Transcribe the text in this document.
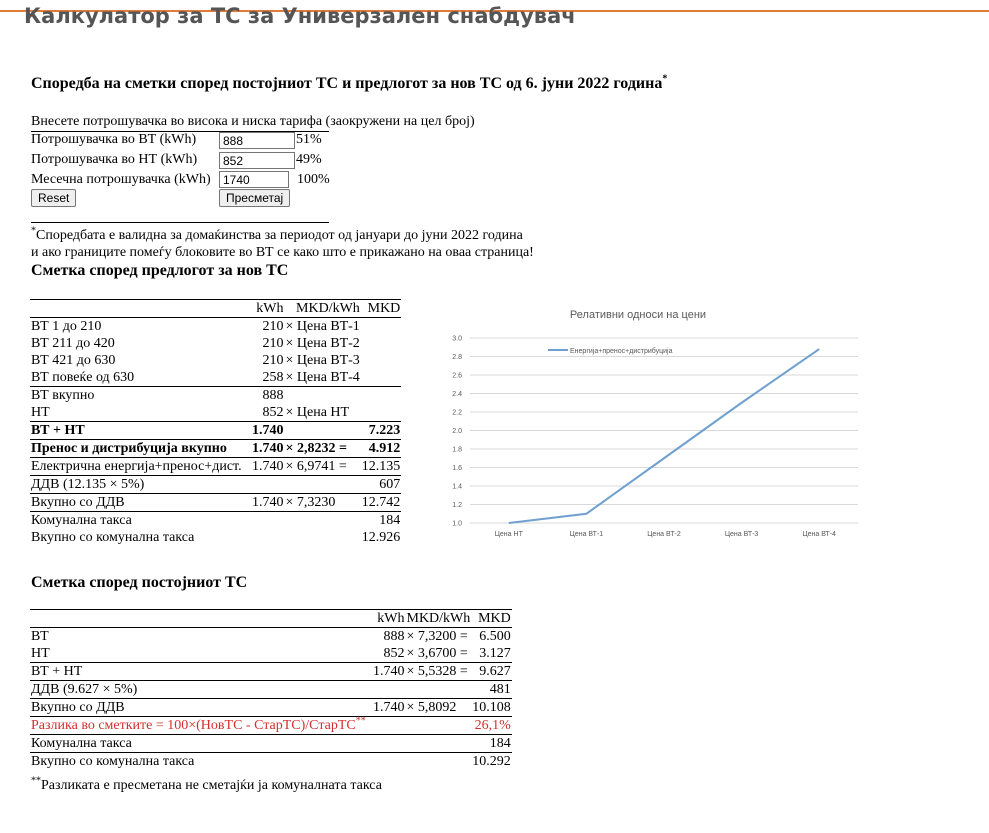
Калкулатор за ТС за Универзален снабдувач
Споредба на сметки според постојниот ТС и предлогот за нов ТС од 6. јуни 2022 година*
Внесете потрошувачка во висока и ниска тарифа (заокружени на цел број)
Потрошувачка во ВТ (kWh)
888	51%
Потрошувачка во НТ (kWh)
852	49%
Месечна потрошувачка (kWh)
1740	100%
Reset	Пресметај
*Споредбата е валидна за домаќинства за периодот од јануари до јуни 2022 година
и ако границите помеѓу блоковите во ВТ се како што е прикажано на оваа страница!
Сметка според предлогот за нов ТС
	kWh	MKD/kWh	MKD
ВТ 1 до 210	210	× Цена ВТ-1	
ВТ 211 до 420	210	× Цена ВТ-2	
ВТ 421 до 630	210	× Цена ВТ-3	
ВТ повеќе од 630	258	× Цена ВТ-4	
ВТ вкупно	888		
НТ	852	× Цена НТ	
ВТ + НТ	1.740		7.223
Пренос и дистрибуција вкупно	1.740	× 2,8232 =	4.912
Електрична енергија+пренос+дист.	1.740	× 6,9741 =	12.135
ДДВ (12.135 × 5%)			607
Вкупно со ДДВ	1.740	× 7,3230	12.742
Комунална такса			184
Вкупно со комунална такса			12.926
Релативни односи на цени
1.0
1.2
1.4
1.6
1.8
2.0
2.2
2.4
2.6
2.8
3.0
Цена НТ	Цена ВТ-1	Цена ВТ-2	Цена ВТ-3	Цена ВТ-4
Енергија+пренос+дистрибуција
Сметка според постојниот ТС
	kWh	MKD/kWh	MKD
ВТ	888	× 7,3200 =	6.500
НТ	852	× 3,6700 =	3.127
ВТ + НТ	1.740	× 5,5328 =	9.627
ДДВ (9.627 × 5%)			481
Вкупно со ДДВ	1.740	× 5,8092	10.108
Разлика во сметките = 100×(НовТС - СтарТС)/СтарТС**			26,1%
Комунална такса			184
Вкупно со комунална такса			10.292
**Разликата е пресметана не сметајќи ја комуналната такса
